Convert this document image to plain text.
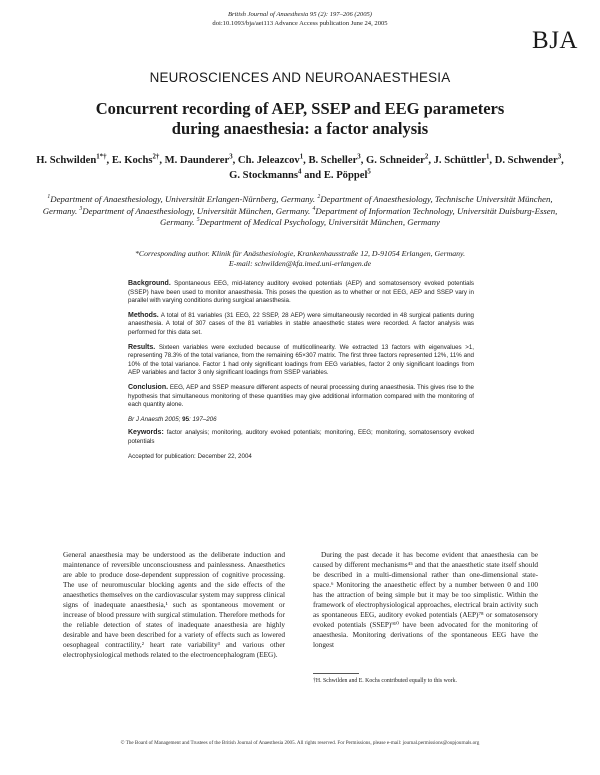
British Journal of Anaesthesia 95 (2): 197–206 (2005)
doi:10.1093/bja/aei113 Advance Access publication June 24, 2005
BJA
NEUROSCIENCES AND NEUROANAESTHESIA
Concurrent recording of AEP, SSEP and EEG parameters
during anaesthesia: a factor analysis
H. Schwilden$^{1*\dagger}$, E. Kochs$^{2\dagger}$, M. Daunderer$^3$, Ch. Jeleazcov$^1$, B. Scheller$^3$, G. Schneider$^2$, J. Schüttler$^1$, D. Schwender$^3$, G. Stockmanns$^4$ and E. Pöppel$^5$
$^1$Department of Anaesthesiology, Universität Erlangen-Nürnberg, Germany. $^2$Department of Anaesthesiology, Technische Universität München, Germany. $^3$Department of Anaesthesiology, Universität München, Germany. $^4$Department of Information Technology, Universität Duisburg-Essen, Germany. $^5$Department of Medical Psychology, Universität München, Germany
*Corresponding author. Klinik für Anästhesiologie, Krankenhausstraße 12, D-91054 Erlangen, Germany.
E-mail: schwilden@kfa.imed.uni-erlangen.de

Background. Spontaneous EEG, mid-latency auditory evoked potentials (AEP) and somatosensory evoked potentials (SSEP) have been used to monitor anaesthesia. This poses the question as to whether or not EEG, AEP and SSEP vary in parallel with varying conditions during surgical anaesthesia.

Methods. A total of 81 variables (31 EEG, 22 SSEP, 28 AEP) were simultaneously recorded in 48 surgical patients during anaesthesia. A total of 307 cases of the 81 variables in stable anaesthetic states were recorded. A factor analysis was performed for this data set.

Results. Sixteen variables were excluded because of multicollinearity. We extracted 13 factors with eigenvalues >1, representing 78.3% of the total variance, from the remaining 65×307 matrix. The first three factors represented 12%, 11% and 10% of the total variance. Factor 1 had only significant loadings from EEG variables, factor 2 only significant loadings from AEP variables and factor 3 only significant loadings from SSEP variables.

Conclusion. EEG, AEP and SSEP measure different aspects of neural processing during anaesthesia. This gives rise to the hypothesis that simultaneous monitoring of these quantities may give additional information compared with the monitoring of each quantity alone.

Br J Anaesth 2005; 95: 197–206

Keywords: factor analysis; monitoring, auditory evoked potentials; monitoring, EEG; monitoring, somatosensory evoked potentials

Accepted for publication: December 22, 2004

General anaesthesia may be understood as the deliberate induction and maintenance of reversible unconsciousness and painlessness. Anaesthetics are able to produce dose-dependent suppression of cognitive processing. The use of neuromuscular blocking agents and the side effects of the anaesthetics themselves on the cardiovascular system may suppress clinical signs of inadequate anaesthesia,¹ such as spontaneous movement or increase of blood pressure with surgical stimulation. Therefore methods for the reliable detection of states of inadequate anaesthesia are highly desirable and have been described for a variety of effects such as lowered oesophageal contractility,² heart rate variability³ and various other electrophysiological methods related to the electroencephalogram (EEG).
During the past decade it has become evident that anaesthesia can be caused by different mechanisms⁴⁵ and that the anaesthetic state itself should be described in a multi-dimensional rather than one-dimensional state-space.⁶ Monitoring the anaesthetic effect by a number between 0 and 100 has the attraction of being simple but it may be too simplistic. Within the framework of electrophysiological approaches, electrical brain activity such as spontaneous EEG, auditory evoked potentials (AEP)⁷⁸ or somatosensory evoked potentials (SSEP)⁹¹⁰ have been advocated for the monitoring of anaesthesia. Monitoring derivations of the spontaneous EEG have the longest
†H. Schwilden and E. Kochs contributed equally to this work.
© The Board of Management and Trustees of the British Journal of Anaesthesia 2005. All rights reserved. For Permissions, please e-mail: journal.permissions@oupjournals.org
